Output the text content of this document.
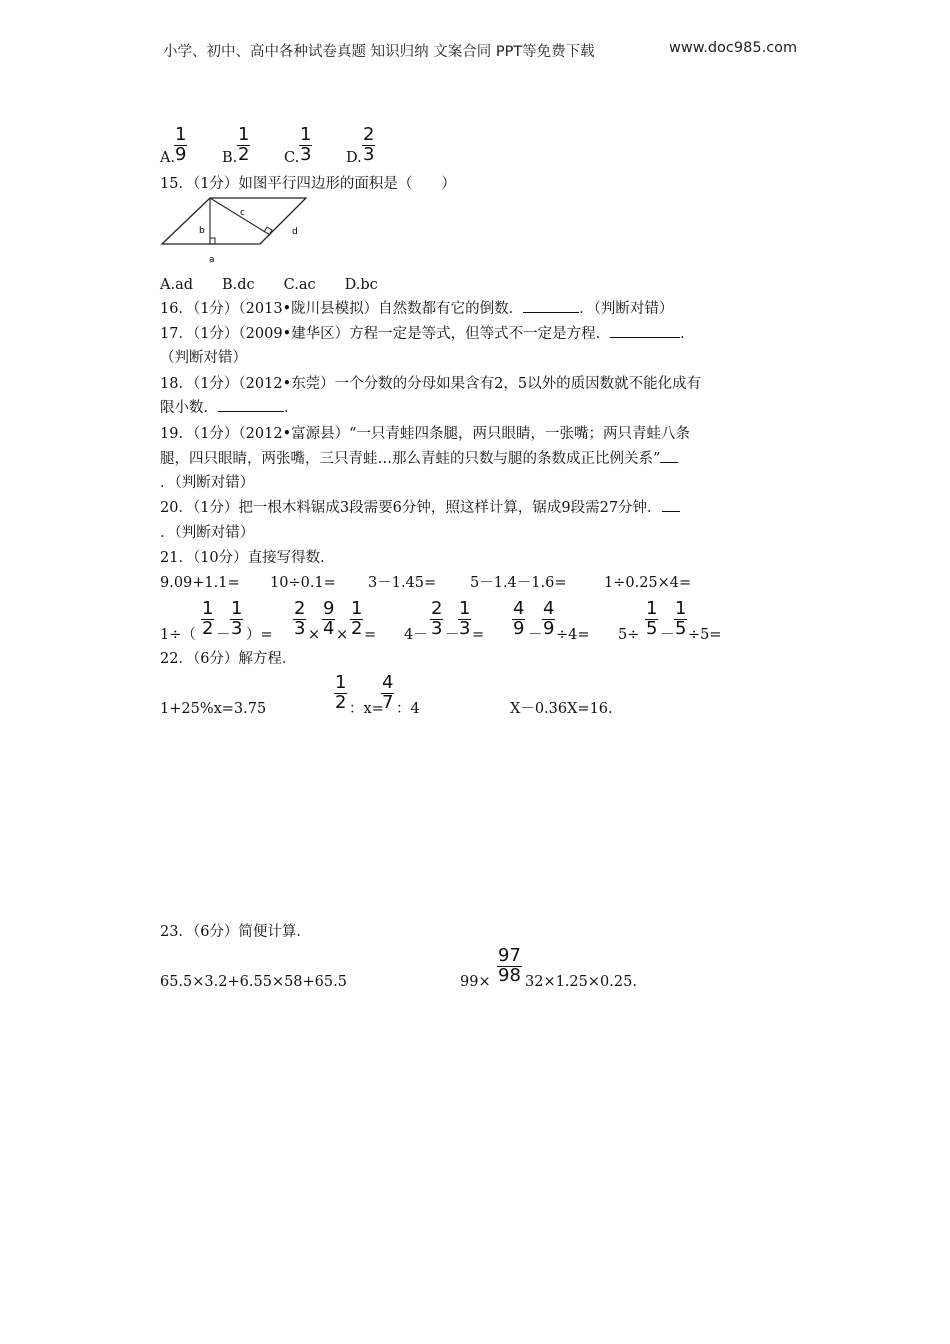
小学、初中、高中各种试卷真题 知识归纳 文案合同 PPT等免费下载	www.doc985.com
A.
1
9 B.
1
2 C.
1
3 D.
2
3
15．（1分）如图平行四边形的面积是（　　）
b
c
d
a
A.ad　　B.dc　　C.ac　　D.bc
16．（1分）（2013•陇川县模拟）自然数都有它的倒数．	．（判断对错）
17．（1分）（2009•建华区）方程一定是等式，但等式不一定是方程．	．
（判断对错）
18．（1分）（2012•东莞）一个分数的分母如果含有2，5以外的质因数就不能化成有
限小数．	．
19．（1分）（2012•富源县）“一只青蛙四条腿，两只眼睛，一张嘴；两只青蛙八条
腿，四只眼睛，两张嘴，三只青蛙…那么青蛙的只数与腿的条数成正比例关系”
．（判断对错）
20．（1分）把一根木料锯成3段需要6分钟，照这样计算，锯成9段需27分钟．
．（判断对错）
21．（10分）直接写得数．
9.09+1.1= 10÷0.1= 3－1.45= 5－1.4－1.6=	1÷0.25×4=
1÷（
1
2 －
1
3 ）=
2
3 ×
9
4 ×
1
2 = 4－
2
3 －
1
3 =
4
9 －
4
9 ÷4= 5÷
1
5 －
1
5 ÷5=
22．（6分）解方程．
1+25%x=3.75
1
2 ：x=
4
7 ：4	X－0.36X=16.
23．（6分）简便计算．
65.5×3.2+6.55×58+65.5	99×
97
98 32×1.25×0.25.
